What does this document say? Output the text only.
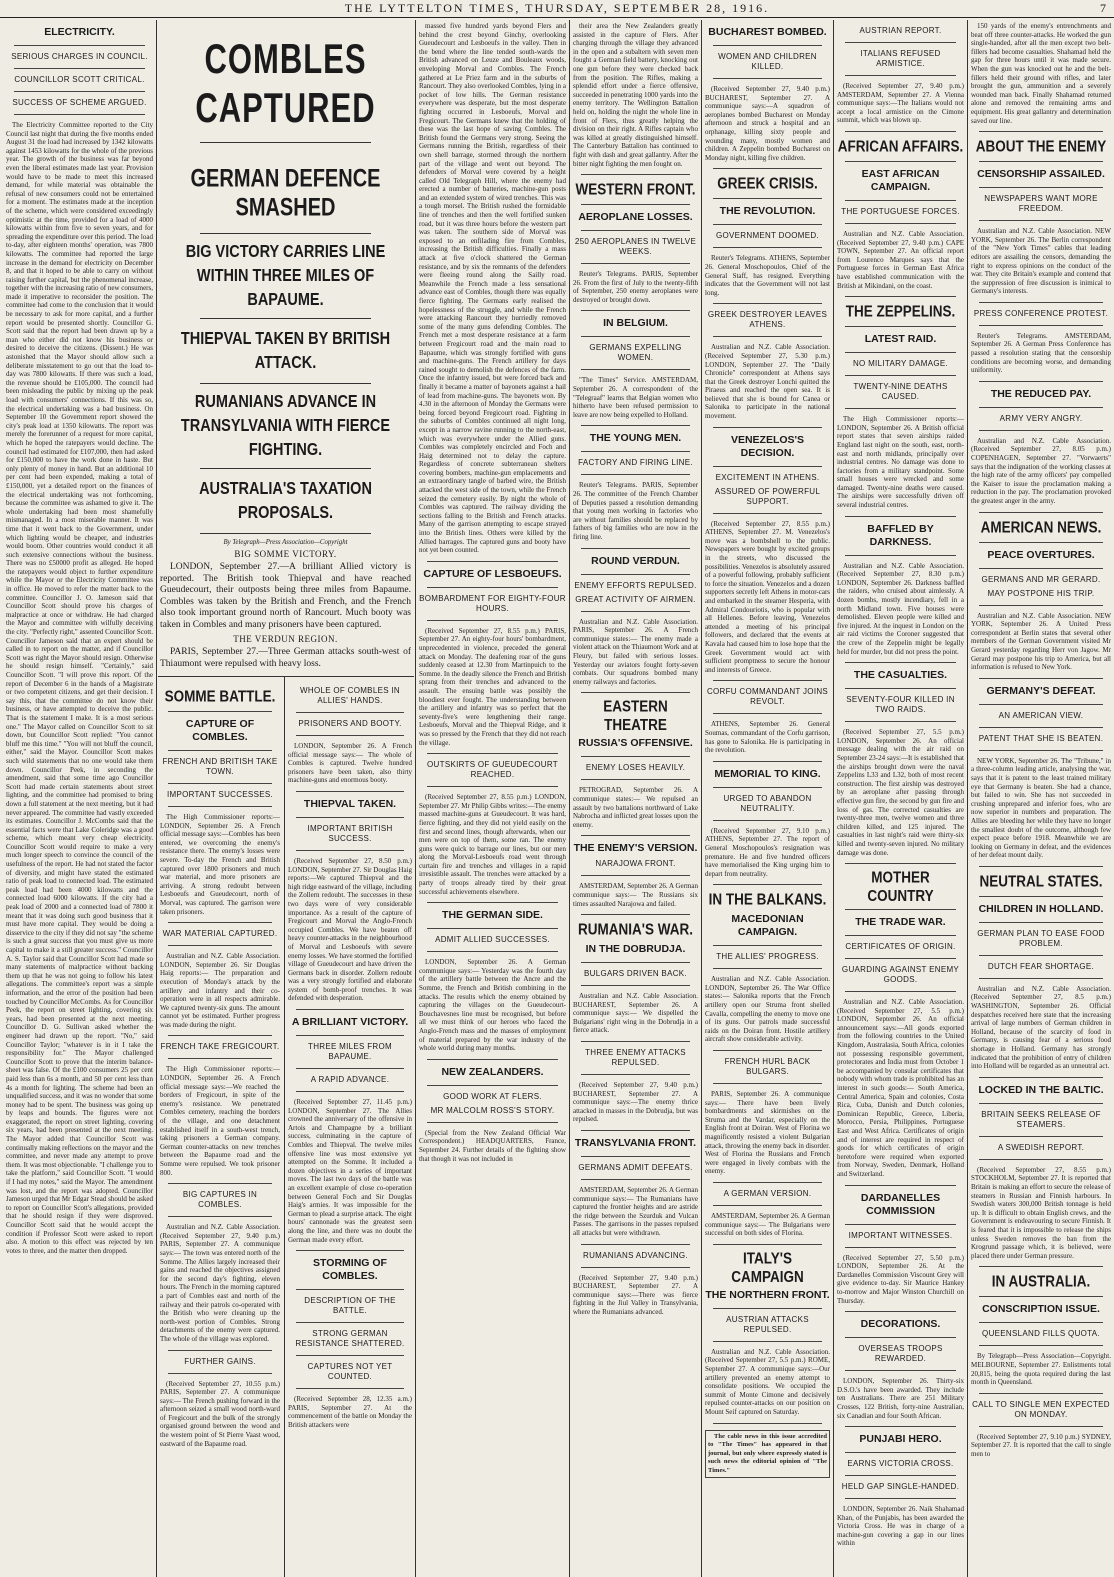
THE LYTTELTON TIMES, THURSDAY, SEPTEMBER 28, 1916.	7
ELECTRICITY.
SERIOUS CHARGES IN COUNCIL.
COUNCILLOR SCOTT CRITICAL.
SUCCESS OF SCHEME ARGUED.

The Electricity Committee reported to the City Council last night that during the five months ended August 31 the load had increased by 1342 kilowatts against 1453 kilowatts for the whole of the previous year. The growth of the business was far beyond even the liberal estimates made last year. Provision would have to be made to meet this increased demand, for while material was obtainable the refusal of new consumers could not be entertained for a moment. The estimates made at the inception of the scheme, which were considered exceedingly optimistic at the time, provided for a load of 4000 kilowatts within from five to seven years, and for spreading the expenditure over this period. The load to-day, after eighteen months' operation, was 7800 kilowatts. The committee had reported the large increase in the demand for electricity on December 8, and that it hoped to be able to carry on without raising further capital, but the phenomenal increase, together with the increasing ratio of new consumers, made it imperative to reconsider the position. The committee had come to the conclusion that it would be necessary to ask for more capital, and a further report would be presented shortly. Councillor G. Scott said that the report had been drawn up by a man who either did not know his business or desired to deceive the citizens. (Dissent.) He was astonished that the Mayor should allow such a deliberate misstatement to go out that the load to-day was 7800 kilowatts. If there was such a load, the revenue should be £105,000. The council had been misleading the public by mixing up the peak load with consumers' connections. If this was so, the electrical undertaking was a bad business. On September 10 the Government report showed the city's peak load at 1350 kilowatts. The report was merely the forerunner of a request for more capital, which he hoped the ratepayers would decline. The council had estimated for £107,000, then had asked for £150,000 to have the work done in haste. But only plenty of money in hand. But an additional 10 per cent had been expended, making a total of £150,000, yet a detailed report on the finances of the electrical undertaking was not forthcoming, because the committee was ashamed to give it. The whole undertaking had been most shamefully mismanaged. In a most miserable manner. It was time that it went back to the Government, under which lighting would be cheaper, and industries would boom. Other countries would conduct it all such extensive connections without the business. There was no £50000 profit as alleged. He hoped the ratepayers would object to further expenditure while the Mayor or the Electricity Committee was in office. He moved to refer the matter back to the committee. Councillor J. O. Jameson said that Councillor Scott should prove his charges of malpractice at once or withdraw. He had charged the Mayor and committee with wilfully deceiving the city. "Perfectly right," assented Councillor Scott. Councillor Jameson said that an expert should be called in to report on the matter, and if Councillor Scott was right the Mayor should resign. Otherwise he should resign himself. "Certainly," said Councillor Scott. "I will prove this report. Of the report of December 6 in the hands of a Magistrate or two competent citizens, and get their decision. I say this, that the committee do not know their business, or have attempted to deceive the public. That is the statement I make. It is a most serious one." The Mayor called on Councillor Scott to sit down, but Councillor Scott replied: "You cannot bluff me this time." "You will not bluff the council, either," said the Mayor. Councillor Scott makes such wild statements that no one would take them down. Councillor Peek, in seconding the amendment, said that some time ago Councillor Scott had made certain statements about street lighting, and the committee had promised to bring down a full statement at the next meeting, but it had never appeared. The committee had vastly exceeded its estimates. Councillor J. McCombs said that the essential facts were that Lake Coleridge was a good scheme, which meant very cheap electricity. Councillor Scott would require to make a very much longer speech to convince the council of the usefulness of the report. He had not stated the factor of diversity, and might have stated the estimated ratio of peak load to connected load. The estimated peak load had been 4000 kilowatts and the connected load 6000 kilowatts. If the city had a peak load of 2000 and a connected load of 7800 it meant that it was doing such good business that it must have more capital. They would be doing a disservice to the city if they did not say "the scheme is such a great success that you must give us more capital to make it a still greater success." Councillor A. S. Taylor said that Councillor Scott had made so many statements of malpractice without backing them up that he was not going to follow his latest allegations. The committee's report was a simple information, and the error of the position had been touched by Councillor McCombs. As for Councillor Peek, the report on street lighting, covering six years, had been presented at the next meeting. Councillor D. G. Sullivan asked whether the engineer had drawn up the report. "No," said Councillor Taylor; "whatever is in it I take the responsibility for." The Mayor challenged Councillor Scott to prove that the interim balance-sheet was false. Of the £100 consumers 25 per cent paid less than 6s a month, and 50 per cent less than 4s a month for lighting. The scheme had been an unqualified success, and it was no wonder that some money had to be spent. The business was going up by leaps and bounds. The figures were not exaggerated, the report on street lighting, covering six years, had been presented at the next meeting. The Mayor added that Councillor Scott was continually making reflections on the mayor and the committee, and never made any attempt to prove them. It was most objectionable. "I challenge you to take the platform," said Councillor Scott. "I would if I had my notes," said the Mayor. The amendment was lost, and the report was adopted. Councillor Jameson urged that Mr Edgar Stead should be asked to report on Councillor Scott's allegations, provided that he should resign if they were disproved. Councillor Scott said that he would accept the condition if Professor Scott were asked to report also. A motion to this effect was rejected by ten votes to three, and the matter then dropped.

COMBLES CAPTURED
GERMAN DEFENCE SMASHED
BIG VICTORY CARRIES LINE WITHIN THREE MILES OF BAPAUME.
THIEPVAL TAKEN BY BRITISH ATTACK.
RUMANIANS ADVANCE IN TRANSYLVANIA WITH FIERCE FIGHTING.
AUSTRALIA'S TAXATION PROPOSALS.
By Telegraph—Press Association—Copyright
BIG SOMME VICTORY.

LONDON, September 27.—A brilliant Allied victory is reported. The British took Thiepval and have reached Gueudecourt, their outposts being three miles from Bapaume. Combles was taken by the British and French, and the French also took important ground north of Rancourt. Much booty was taken in Combles and many prisoners have been captured.

THE VERDUN REGION.

PARIS, September 27.—Three German attacks south-west of Thiaumont were repulsed with heavy loss.

SOMME BATTLE.
CAPTURE OF COMBLES.
FRENCH AND BRITISH TAKE TOWN.
IMPORTANT SUCCESSES.

The High Commissioner reports:— LONDON, September 26. A French official message says:—Combles has been entered, we overcoming the enemy's resistance there. The enemy's losses were severe. To-day the French and British captured over 1800 prisoners and much war material, and more prisoners are arriving. A strong redoubt between Lesboeufs and Gueudecourt, north of Morval, was captured. The garrison were taken prisoners.

WAR MATERIAL CAPTURED.

Australian and N.Z. Cable Association. LONDON, September 26. Sir Douglas Haig reports:— The preparation and execution of Monday's attack by the artillery and infantry and their co-operation were in all respects admirable. We captured twenty-six guns. The amount cannot yet be estimated. Further progress was made during the night.

FRENCH TAKE FREGICOURT.

The High Commissioner reports:— LONDON, September 26. A French official message says:—We reached the borders of Fregicourt, in spite of the enemy's resistance. We penetrated Combles cemetery, reaching the borders of the village, and one detachment established itself in a south-west trench, taking prisoners a German company. German counter-attacks on new trenches between the Bapaume road and the Somme were repulsed. We took prisoner 800.

BIG CAPTURES IN COMBLES.

Australian and N.Z. Cable Association. (Received September 27, 9.40 p.m.) PARIS, September 27. A communique says:— The town was entered north of the Somme. The Allies largely increased their gains and reached the objectives assigned for the second day's fighting, eleven hours. The French in the morning captured a part of Combles east and north of the railway and their patrols co-operated with the British who were cleaning up the north-west portion of Combles. Strong detachments of the enemy were captured. The whole of the village was explored.

FURTHER GAINS.

(Received September 27, 10.55 p.m.) PARIS, September 27. A communique says:— The French pushing forward in the afternoon seized a small wood north-ward of Fregicourt and the bulk of the strongly organised ground between the wood and the western point of St Pierre Vaast wood, eastward of the Bapaume road.

WHOLE OF COMBLES IN ALLIES' HANDS.
PRISONERS AND BOOTY.

LONDON, September 26. A French official message says:— The whole of Combles is captured. Twelve hundred prisoners have been taken, also thirty machine-guns and enormous booty.

THIEPVAL TAKEN.
IMPORTANT BRITISH SUCCESS.

(Received September 27, 8.50 p.m.) LONDON, September 27. Sir Douglas Haig reports:—We captured Thiepval and the high ridge eastward of the village, including the Zollern redoubt. The successes in these two days were of very considerable importance. As a result of the capture of Fregicourt and Morval the Anglo-French occupied Combles. We have beaten off heavy counter-attacks in the neighbourhood of Morval and Lesboeufs with severe enemy losses. We have stormed the fortified village of Gueudecourt and have driven the Germans back in disorder. Zollern redoubt was a very strongly fortified and elaborate system of bomb-proof trenches. It was defended with desperation.

A BRILLIANT VICTORY.
THREE MILES FROM BAPAUME.
A RAPID ADVANCE.

(Received September 27, 11.45 p.m.) LONDON, September 27. The Allies crowned the anniversary of the offensive in Artois and Champagne by a brilliant success, culminating in the capture of Combles and Thiepval. The twelve miles offensive line was most extensive yet attempted on the Somme. It included a dozen objectives in a series of important moves. The last two days of the battle was an excellent example of close co-operation between General Foch and Sir Douglas Haig's armies. It was impossible for the German to plead a surprise attack. The eight hours' cannonade was the greatest seen along the line, and there was no doubt the German made every effort.

STORMING OF COMBLES.
DESCRIPTION OF THE BATTLE.
STRONG GERMAN RESISTANCE SHATTERED.
CAPTURES NOT YET COUNTED.

(Received September 28, 12.35 a.m.) PARIS, September 27. At the commencement of the battle on Monday the British attackers were

massed five hundred yards beyond Flers and behind the crest beyond Ginchy, overlooking Gueudecourt and Lesboeufs in the valley. Then in the bend where the line tended south-wards the British advanced on Leuze and Bouleaux woods, enveloping Morval and Combles. The French gathered at Le Priez farm and in the suburbs of Rancourt. They also overlooked Combles, lying in a pocket of low hills. The German resistance everywhere was desperate, but the most desperate fighting occurred in Lesboeufs, Morval and Fregicourt. The Germans knew that the holding of these was the last hope of saving Combles. The British found the Germans very strong. Seeing the Germans running the British, regardless of their own shell barrage, stormed through the northern part of the village and went out beyond. The defenders of Morval were covered by a height called Old Telegraph Hill, where the enemy had erected a number of batteries, machine-gun posts and an extended system of wired trenches. This was a tough morsel. The British rushed the formidable line of trenches and then the well fortified sunken road, but it was three hours before the western part was taken. The southern side of Morval was exposed to an enfilading fire from Combles, increasing the British difficulties. Finally a mass attack at five o'clock shattered the German resistance, and by six the remnants of the defenders were fleeing round along the Sailly road. Meanwhile the French made a less sensational advance east of Combles, though there was equally fierce fighting. The Germans early realised the hopelessness of the struggle, and while the French were attacking Rancourt they hurriedly removed some of the many guns defending Combles. The French met a most desperate resistance at a farm between Fregicourt road and the main road to Bapaume, which was strongly fortified with guns and machine-guns. The French artillery for days rained sought to demolish the defences of the farm. Once the infantry issued, but were forced back and finally it became a matter of bayonets against a hail of lead from machine-guns. The bayonets won. By 4.30 in the afternoon of Monday the Germans were being forced beyond Fregicourt road. Fighting in the suburbs of Combles continued all night long, except in a narrow ravine running to the north-east, which was everywhere under the Allied guns. Combles was completely encircled and Foch and Haig determined not to delay the capture. Regardless of concrete subterranean shelters covering bombers, machine-gun emplacements and an extraordinary tangle of barbed wire, the British attacked the west side of the town, while the French seized the cemetery easily. By night the whole of Combles was captured. The railway dividing the sections falling to the British and French attacks. Many of the garrison attempting to escape strayed into the British lines. Others were killed by the Allied barrages. The captured guns and booty have not yet been counted.

CAPTURE OF LESBOEUFS.
BOMBARDMENT FOR EIGHTY-FOUR HOURS.

(Received September 27, 8.55 p.m.) PARIS, September 27. An eighty-four hours' bombardment, unprecedented in violence, preceded the general attack on Monday. The deafening roar of the guns suddenly ceased at 12.30 from Martinpuich to the Somme. In the deadly silence the French and British sprang from their trenches and advanced to the assault. The ensuing battle was possibly the bloodiest ever fought. The understanding between the artillery and infantry was so perfect that the seventy-five's were lengthening their range. Lesboeufs, Morval and the Thiepval Ridge, and it was so pressed by the French that they did not reach the village.

OUTSKIRTS OF GUEUDECOURT REACHED.

(Received September 27, 8.55 p.m.) LONDON, September 27. Mr Philip Gibbs writes:—The enemy massed machine-guns at Gueudecourt. It was hard, fierce fighting, and they did not yield easily on the first and second lines, though afterwards, when our men were on top of them, some ran. The enemy guns were quick to barrage our lines, but our men along the Morval-Lesboeufs road went through curtain fire and trenches and villages in a rapid irresistible assault. The trenches were attacked by a party of troops already tired by their great successful achievements elsewhere.

THE GERMAN SIDE.
ADMIT ALLIED SUCCESSES.

LONDON, September 26. A German communique says:— Yesterday was the fourth day of the artillery battle between the Ancre and the Somme, the French and British combining in the attacks. The results which the enemy obtained by capturing the villages on the Gueudecourt-Bouchavesnes line must be recognised, but before all we must think of our heroes who faced the Anglo-French mass and the masses of employment of material prepared by the war industry of the whole world during many months.

NEW ZEALANDERS.
GOOD WORK AT FLERS.
MR MALCOLM ROSS'S STORY.

(Special from the New Zealand Official War Correspondent.) HEADQUARTERS, France, September 24. Further details of the fighting show that though it was not included in

their area the New Zealanders greatly assisted in the capture of Flers. After charging through the village they advanced in the open and a subaltern with seven men fought a German field battery, knocking out one gun before they were checked back from the position. The Rifles, making a splendid effort under a fierce offensive, succeeded in penetrating 1000 yards into the enemy territory. The Wellington Battalion held on, holding the night the whole line in front of Flers, thus greatly helping the division on their right. A Rifles captain who was killed at greatly distinguished himself. The Canterbury Battalion has continued to fight with dash and great gallantry. After the bitter night fighting the men fought on.

WESTERN FRONT.
AEROPLANE LOSSES.
250 AEROPLANES IN TWELVE WEEKS.

Reuter's Telegrams. PARIS, September 26. From the first of July to the twenty-fifth of September, 250 enemy aeroplanes were destroyed or brought down.

IN BELGIUM.
GERMANS EXPELLING WOMEN.

"The Times" Service. AMSTERDAM, September 26. A correspondent of the "Telegraaf" learns that Belgian women who hitherto have been refused permission to leave are now being expelled to Holland.

THE YOUNG MEN.
FACTORY AND FIRING LINE.

Reuter's Telegrams. PARIS, September 26. The committee of the French Chamber of Deputies passed a resolution demanding that young men working in factories who are without families should be replaced by fathers of big families who are now in the firing line.

ROUND VERDUN.
ENEMY EFFORTS REPULSED.
GREAT ACTIVITY OF AIRMEN.

Australian and N.Z. Cable Association. PARIS, September 26. A French communique states:— The enemy made a violent attack on the Thiaumont Work and at Fleury, but failed with serious losses. Yesterday our aviators fought forty-seven combats. Our squadrons bombed many enemy railways and factories.

EASTERN THEATRE
RUSSIA'S OFFENSIVE.
ENEMY LOSES HEAVILY.

PETROGRAD, September 26. A communique states:— We repulsed an assault by two battalions northward of Lake Nabrocha and inflicted great losses upon the enemy.

THE ENEMY'S VERSION.
NARAJOWA FRONT.

AMSTERDAM, September 26. A German communique says:— The Russians six times assaulted Narajowa and failed.

RUMANIA'S WAR.
IN THE DOBRUDJA.
BULGARS DRIVEN BACK.

Australian and N.Z. Cable Association. BUCHAREST, September 26. A communique says:— We dispelled the Bulgarians' right wing in the Dobrudja in a fierce attack.

THREE ENEMY ATTACKS REPULSED.

(Received September 27, 9.40 p.m.) BUCHAREST, September 27. A communique says:—The enemy thrice attacked in masses in the Dobrudja, but was repulsed.

TRANSYLVANIA FRONT.
GERMANS ADMIT DEFEATS.

AMSTERDAM, September 26. A German communique says:— The Rumanians have captured the frontier heights and are astride the ridge between the Szurduk and Vulcan Passes. The garrisons in the passes repulsed all attacks but were withdrawn.

RUMANIANS ADVANCING.

(Received September 27, 9.40 p.m.) BUCHAREST, September 27. A communique says:—There was fierce fighting in the Jiul Valley in Transylvania, where the Rumanians advanced.

BUCHAREST BOMBED.
WOMEN AND CHILDREN KILLED.

(Received September 27, 9.40 p.m.) BUCHAREST, September 27. A communique says:—A squadron of aeroplanes bombed Bucharest on Monday afternoon and struck a hospital and an orphanage, killing sixty people and wounding many, mostly women and children. A Zeppelin bombed Bucharest on Monday night, killing five children.

GREEK CRISIS.
THE REVOLUTION.
GOVERNMENT DOOMED.

Reuter's Telegrams. ATHENS, September 26. General Moschopoulos, Chief of the General Staff, has resigned. Everything indicates that the Government will not last long.

GREEK DESTROYER LEAVES ATHENS.

Australian and N.Z. Cable Association. (Received September 27, 5.30 p.m.) LONDON, September 27. The "Daily Chronicle" correspondent at Athens says that the Greek destroyer Lonchi quitted the Piraeus and reached the open sea. It is believed that she is bound for Canea or Salonika to participate in the national movement.

VENEZELOS'S DECISION.
EXCITEMENT IN ATHENS.
ASSURED OF POWERFUL SUPPORT.

(Received September 27, 8.55 p.m.) ATHENS, September 27. M. Venezelos's move was a bombshell to the public. Newspapers were bought by excited groups in the streets, who discussed the possibilities. Venezelos is absolutely assured of a powerful following, probably sufficient to force the situation. Venezelos and a dozen supporters secretly left Athens in motor-cars and embarked in the steamer Hesperia, with Admiral Condouriotis, who is popular with all Hellenes. Before leaving, Venezelos attended a meeting of his principal followers, and declared that the events at Kavala had caused him to lose hope that the Greek Government would act with sufficient promptness to secure the honour and interests of Greece.

CORFU COMMANDANT JOINS REVOLT.

ATHENS, September 26. General Soumas, commandant of the Corfu garrison, has gone to Salonika. He is participating in the revolution.

MEMORIAL TO KING.
URGED TO ABANDON NEUTRALITY.

(Received September 27, 9.10 p.m.) ATHENS, September 27. The report of General Moschopoulos's resignation was premature. He and five hundred officers have memorialised the King urging him to depart from neutrality.

IN THE BALKANS.
MACEDONIAN CAMPAIGN.
THE ALLIES' PROGRESS.

Australian and N.Z. Cable Association. LONDON, September 26. The War Office states:— Salonika reports that the French artillery open our Struma front shelled Cavalla, compelling the enemy to move one of its guns. Our patrols made successful raids on the Doiran front. Hostile artillery aircraft show considerable activity.

FRENCH HURL BACK BULGARS.

PARIS, September 26. A communique says:— There have been lively bombardments and skirmishes on the Struma and the Vardar, especially on the English front at Doiran. West of Florina we magnificently resisted a violent Bulgarian attack, throwing the enemy back in disorder. West of Florina the Russians and French were engaged in lively combats with the enemy.

A GERMAN VERSION.

AMSTERDAM, September 26. A German communique says:— The Bulgarians were successful on both sides of Florina.

ITALY'S CAMPAIGN
THE NORTHERN FRONT.
AUSTRIAN ATTACKS REPULSED.

Australian and N.Z. Cable Association. (Received September 27, 5.5 p.m.) ROME, September 27. A communique says:—Our artillery prevented an enemy attempt to consolidate positions. We occupied the summit of Monte Cimone and decisively repulsed counter-attacks on our position on Mount Seif captured on Saturday.

The cable news in this issue accredited to "The Times" has appeared in that journal, but only where expressly stated is such news the editorial opinion of "The Times."

AUSTRIAN REPORT.
ITALIANS REFUSED ARMISTICE.

(Received September 27, 9.40 p.m.) AMSTERDAM, September 27. A Vienna communique says:—The Italians would not accept a local armistice on the Cimone summit, which was blown up.

AFRICAN AFFAIRS.
EAST AFRICAN CAMPAIGN.
THE PORTUGUESE FORCES.

Australian and N.Z. Cable Association. (Received September 27, 9.40 p.m.) CAPE TOWN, September 27. An official report from Lourenco Marques says that the Portuguese forces in German East Africa have established communication with the British at Mikindani, on the coast.

THE ZEPPELINS.
LATEST RAID.
NO MILITARY DAMAGE.
TWENTY-NINE DEATHS CAUSED.

The High Commissioner reports:— LONDON, September 26. A British official report states that seven airships raided England last night on the south, east, north-east and north midlands, principally over industrial centres. No damage was done to factories from a military standpoint. Some small houses were wrecked and some damaged. Twenty-nine deaths were caused. The airships were successfully driven off several industrial centres.

BAFFLED BY DARKNESS.

Australian and N.Z. Cable Association. (Received September 27, 8.30 p.m.) LONDON, September 26. Darkness baffled the raiders, who cruised about aimlessly. A dozen bombs, mostly incendiary, fell in a north Midland town. Five houses were demolished. Eleven people were killed and five injured. At the inquest in London on the air raid victims the Coroner suggested that the crew of the Zeppelin might be legally held for murder, but did not press the point.

THE CASUALTIES.
SEVENTY-FOUR KILLED IN TWO RAIDS.

(Received September 27, 5.5 p.m.) LONDON, September 26. An official message dealing with the air raid on September 23-24 says:—It is established that the airships brought down were the naval Zeppelins L33 and L32, both of most recent construction. The first airship was destroyed by an aeroplane after passing through effective gun fire, the second by gun fire and loss of gas. The corrected casualties are twenty-three men, twelve women and three children killed, and 125 injured. The casualties in last night's raid were thirty-six killed and twenty-seven injured. No military damage was done.

MOTHER COUNTRY
THE TRADE WAR.
CERTIFICATES OF ORIGIN.
GUARDING AGAINST ENEMY GOODS.

Australian and N.Z. Cable Association. (Received September 27, 5.5 p.m.) LONDON, September 26. An official announcement says:—All goods exported from the following countries to the United Kingdom, Australasia, South Africa, colonies not possessing responsible government, protectorates and India must from October 1 be accompanied by consular certificates that nobody with whom trade is prohibited has an interest in such goods:— South America, Central America, Spain and colonies, Costa Rica, Cuba, Danish and Dutch colonies, Dominican Republic, Greece, Liberia, Morocco, Persia, Philippines, Portuguese East and West Africa. Certificates of origin and of interest are required in respect of goods for which certificates of origin heretofore were required when exported from Norway, Sweden, Denmark, Holland and Switzerland.

DARDANELLES COMMISSION
IMPORTANT WITNESSES.

(Received September 27, 5.50 p.m.) LONDON, September 26. At the Dardanelles Commission Viscount Grey will give evidence to-day. Sir Maurice Hankey to-morrow and Major Winston Churchill on Thursday.

DECORATIONS.
OVERSEAS TROOPS REWARDED.

LONDON, September 26. Thirty-six D.S.O.'s have been awarded. They include ten Australians. There are 251 Military Crosses, 122 British, forty-nine Australian, six Canadian and four South African.

PUNJABI HERO.
EARNS VICTORIA CROSS.
HELD GAP SINGLE-HANDED.

LONDON, September 26. Naik Shahamad Khan, of the Punjabis, has been awarded the Victoria Cross. He was in charge of a machine-gun covering a gap in our lines within

150 yards of the enemy's entrenchments and beat off three counter-attacks. He worked the gun single-handed, after all the men except two belt-fillers had become casualties. Shahamad held the gap for three hours until it was made secure. When the gun was knocked out he and the belt-fillers held their ground with rifles, and later brought the gun, ammunition and a severely wounded man back. Finally Shahamad returned alone and removed the remaining arms and equipment. His great gallantry and determination saved our line.

ABOUT THE ENEMY
CENSORSHIP ASSAILED.
NEWSPAPERS WANT MORE FREEDOM.

Australian and N.Z. Cable Association. NEW YORK, September 26. The Berlin correspondent of the "New York Times" cables that leading editors are assailing the censors, demanding the right to express opinions on the conduct of the war. They cite Britain's example and contend that the suppression of free discussion is inimical to Germany's interests.

PRESS CONFERENCE PROTEST.

Reuter's Telegrams. AMSTERDAM, September 26. A German Press Conference has passed a resolution stating that the censorship conditions are becoming worse, and demanding uniformity.

THE REDUCED PAY.
ARMY VERY ANGRY.

Australian and N.Z. Cable Association. (Received September 27, 8.05 p.m.) COPENHAGEN, September 27. "Vorwaerts" says that the indignation of the working classes at the high rate of the army officers' pay compelled the Kaiser to issue the proclamation making a reduction in the pay. The proclamation provoked the greatest anger in the army.

AMERICAN NEWS.
PEACE OVERTURES.
GERMANS AND MR GERARD.
MAY POSTPONE HIS TRIP.

Australian and N.Z. Cable Association. NEW YORK, September 26. A United Press correspondent at Berlin states that several other members of the German Government visited Mr Gerard yesterday regarding Herr von Jagow. Mr Gerard may postpone his trip to America, but all information is refused to New York.

GERMANY'S DEFEAT.
AN AMERICAN VIEW.
PATENT THAT SHE IS BEATEN.

NEW YORK, September 26. The "Tribune," in a three-column leading article, analysing the war, says that it is patent to the least trained military eye that Germany is beaten. She had a chance, but failed to win. She has not succeeded in crushing unprepared and inferior foes, who are now superior in numbers and preparation. The Allies are bleeding her while they have no longer the smallest doubt of the outcome, although few expect peace before 1918. Meanwhile we are looking on Germany in defeat, and the evidences of her defeat mount daily.

NEUTRAL STATES.
CHILDREN IN HOLLAND.
GERMAN PLAN TO EASE FOOD PROBLEM.
DUTCH FEAR SHORTAGE.

Australian and N.Z. Cable Association. (Received September 27, 8.5 p.m.) WASHINGTON, September 26. Official despatches received here state that the increasing arrival of large numbers of German children in Holland, because of the scarcity of food in Germany, is causing fear of a serious food shortage in Holland. Germany has strongly indicated that the prohibition of entry of children into Holland will be regarded as an unneutral act.

LOCKED IN THE BALTIC.
BRITAIN SEEKS RELEASE OF STEAMERS.
A SWEDISH REPORT.

(Received September 27, 8.55 p.m.) STOCKHOLM, September 27. It is reported that Britain is making an effort to secure the release of steamers in Russian and Finnish harbours. In Swedish waters 300,000 British tonnage is held up. It is difficult to obtain English crews, and the Government is endeavouring to secure Finnish. It is feared that it is impossible to release the ships unless Sweden removes the ban from the Krogrund passage which, it is believed, were placed there under German pressure.

IN AUSTRALIA.
CONSCRIPTION ISSUE.
QUEENSLAND FILLS QUOTA.

By Telegraph—Press Association—Copyright. MELBOURNE, September 27. Enlistments total 20,815, being the quota required during the last month in Queensland.

CALL TO SINGLE MEN EXPECTED ON MONDAY.

(Received September 27, 9.10 p.m.) SYDNEY, September 27. It is reported that the call to single men to
